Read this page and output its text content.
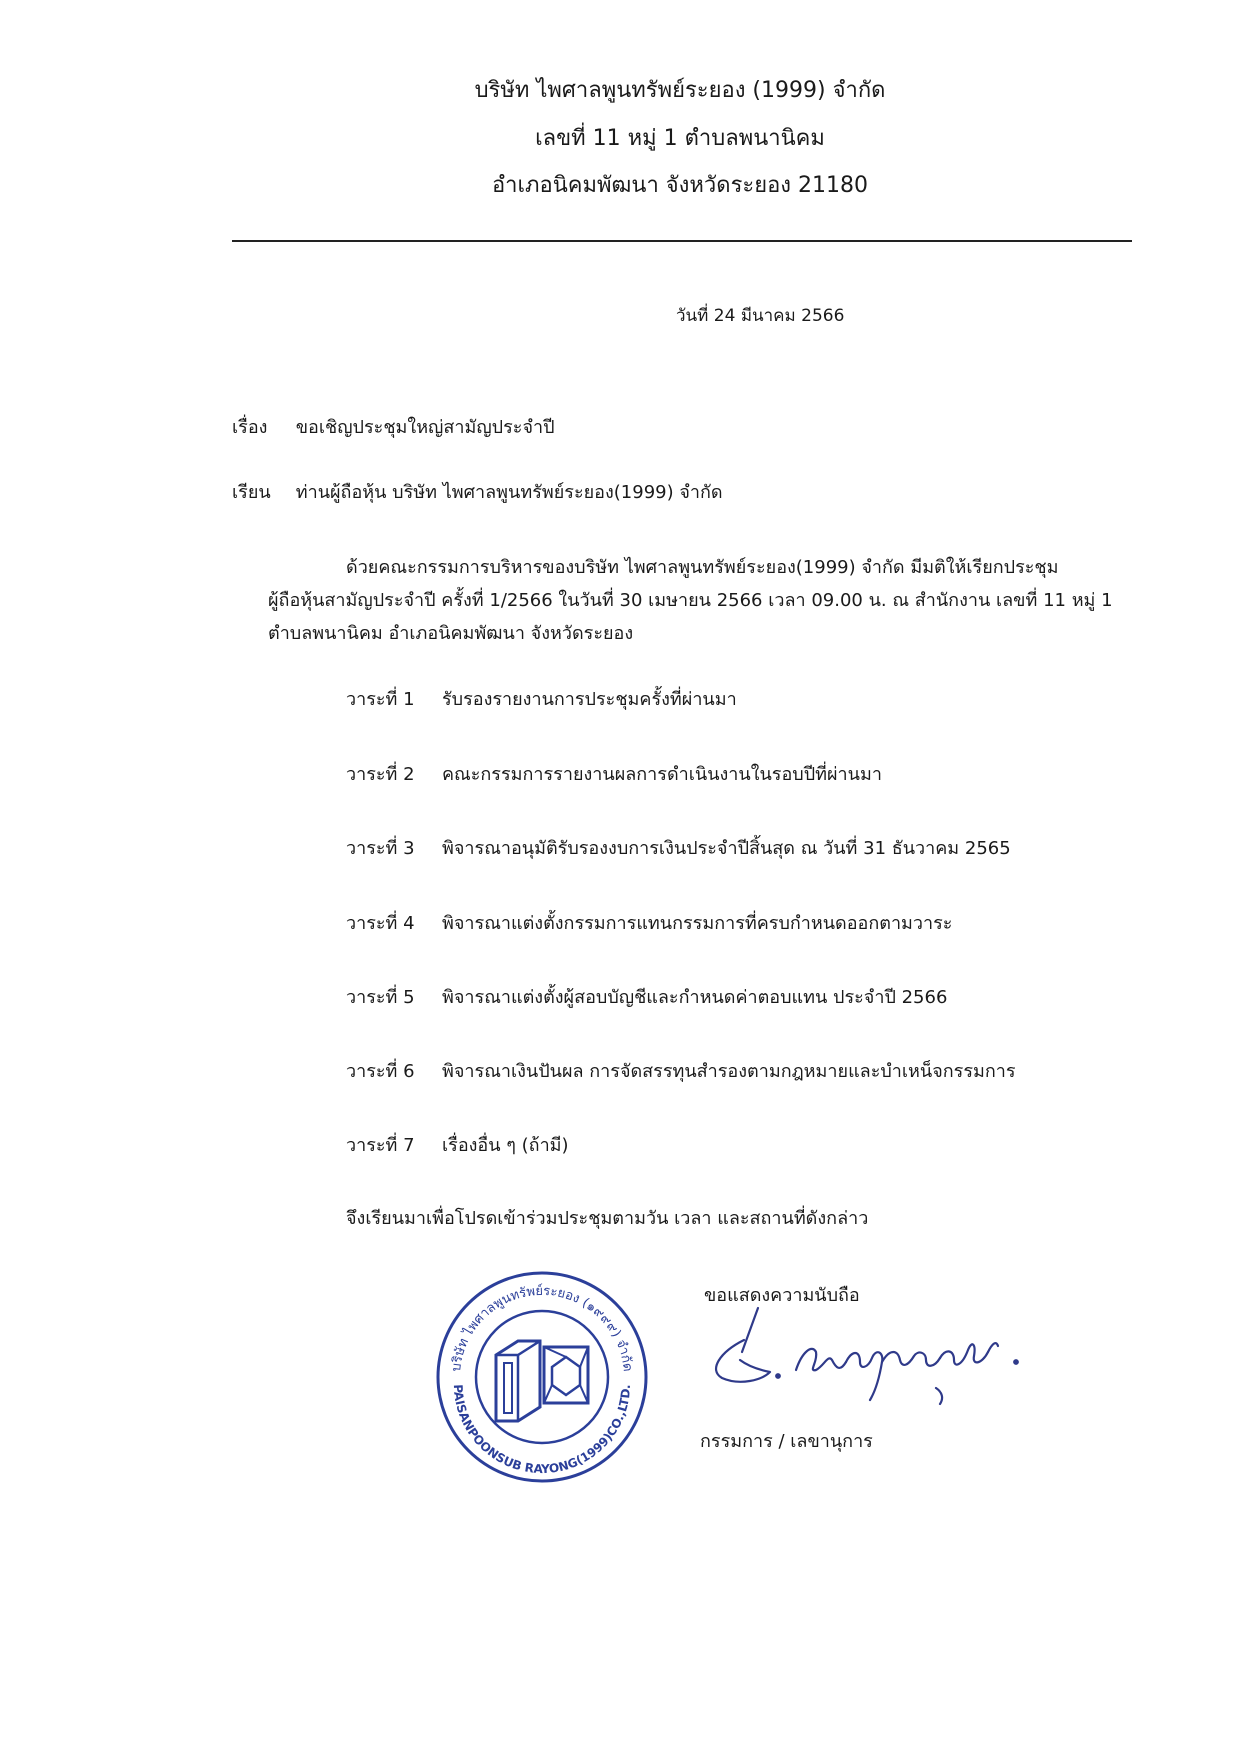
บริษัท ไพศาลพูนทรัพย์ระยอง (1999) จำกัด
เลขที่ 11 หมู่ 1 ตำบลพนานิคม
อำเภอนิคมพัฒนา จังหวัดระยอง 21180
วันที่ 24 มีนาคม 2566
เรื่อง ขอเชิญประชุมใหญ่สามัญประจำปี
เรียน ท่านผู้ถือหุ้น บริษัท ไพศาลพูนทรัพย์ระยอง(1999) จำกัด
ด้วยคณะกรรมการบริหารของบริษัท ไพศาลพูนทรัพย์ระยอง(1999) จำกัด มีมติให้เรียกประชุม
ผู้ถือหุ้นสามัญประจำปี ครั้งที่ 1/2566 ในวันที่ 30 เมษายน 2566 เวลา 09.00 น. ณ สำนักงาน เลขที่ 11 หมู่ 1
ตำบลพนานิคม อำเภอนิคมพัฒนา จังหวัดระยอง
วาระที่ 1 รับรองรายงานการประชุมครั้งที่ผ่านมา
วาระที่ 2 คณะกรรมการรายงานผลการดำเนินงานในรอบปีที่ผ่านมา
วาระที่ 3 พิจารณาอนุมัติรับรองงบการเงินประจำปีสิ้นสุด ณ วันที่ 31 ธันวาคม 2565
วาระที่ 4 พิจารณาแต่งตั้งกรรมการแทนกรรมการที่ครบกำหนดออกตามวาระ
วาระที่ 5 พิจารณาแต่งตั้งผู้สอบบัญชีและกำหนดค่าตอบแทน ประจำปี 2566
วาระที่ 6 พิจารณาเงินปันผล การจัดสรรทุนสำรองตามกฎหมายและบำเหน็จกรรมการ
วาระที่ 7 เรื่องอื่น ๆ (ถ้ามี)
จึงเรียนมาเพื่อโปรดเข้าร่วมประชุมตามวัน เวลา และสถานที่ดังกล่าว
บริษัท ไพศาลพูนทรัพย์ระยอง (๑๙๙๙) จำกัด
PAISANPOONSUB RAYONG(1999)CO.,LTD.
ขอแสดงความนับถือ
กรรมการ / เลขานุการ
